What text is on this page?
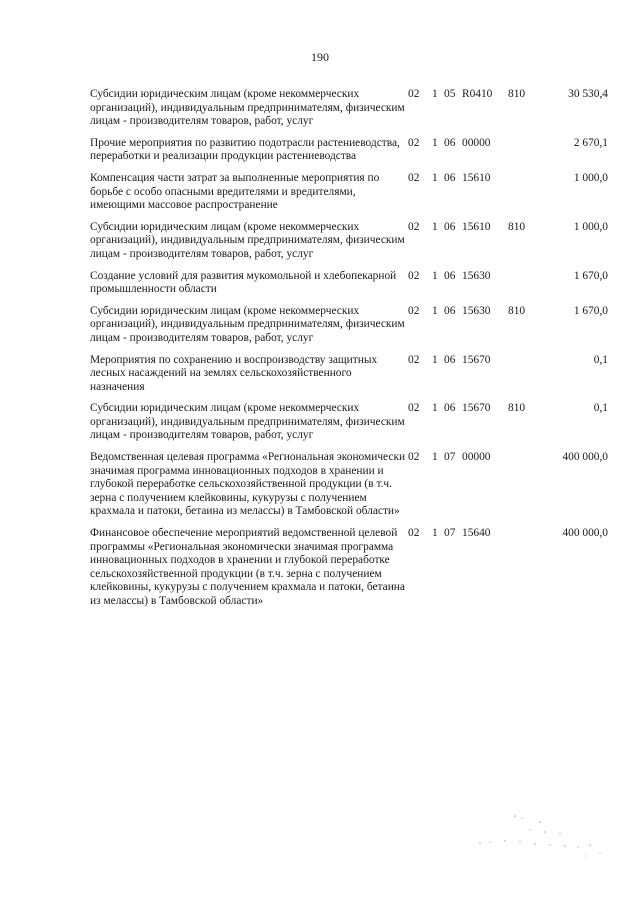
190
Субсидии юридическим лицам (кроме некоммерческих организаций), индивидуальным предпринимателям, физическим лицам - производителям товаров, работ, услуг	02	1	05	R0410	810	30 530,4
Прочие мероприятия по развитию подотрасли растениеводства, переработки и реализации продукции растениеводства	02	1	06	00000		2 670,1
Компенсация части затрат за выполненные мероприятия по борьбе с особо опасными вредителями и вредителями, имеющими массовое распространение	02	1	06	15610		1 000,0
Субсидии юридическим лицам (кроме некоммерческих организаций), индивидуальным предпринимателям, физическим лицам - производителям товаров, работ, услуг	02	1	06	15610	810	1 000,0
Создание условий для развития мукомольной и хлебопекарной промышленности области	02	1	06	15630		1 670,0
Субсидии юридическим лицам (кроме некоммерческих организаций), индивидуальным предпринимателям, физическим лицам - производителям товаров, работ, услуг	02	1	06	15630	810	1 670,0
Мероприятия по сохранению и воспроизводству защитных лесных насаждений на землях сельскохозяйственного назначения	02	1	06	15670		0,1
Субсидии юридическим лицам (кроме некоммерческих организаций), индивидуальным предпринимателям, физическим лицам - производителям товаров, работ, услуг	02	1	06	15670	810	0,1
Ведомственная целевая программа «Региональная экономически значимая программа инновационных подходов в хранении и глубокой переработке сельскохозяйственной продукции (в т.ч. зерна с получением клейковины, кукурузы с получением крахмала и патоки, бетаина из мелассы) в Тамбовской области»	02	1	07	00000		400 000,0
Финансовое обеспечение мероприятий ведомственной целевой программы «Региональная экономически значимая программа инновационных подходов в хранении и глубокой переработке сельскохозяйственной продукции (в т.ч. зерна с получением клейковины, кукурузы с получением крахмала и патоки, бетаина из мелассы) в Тамбовской области»	02	1	07	15640		400 000,0
